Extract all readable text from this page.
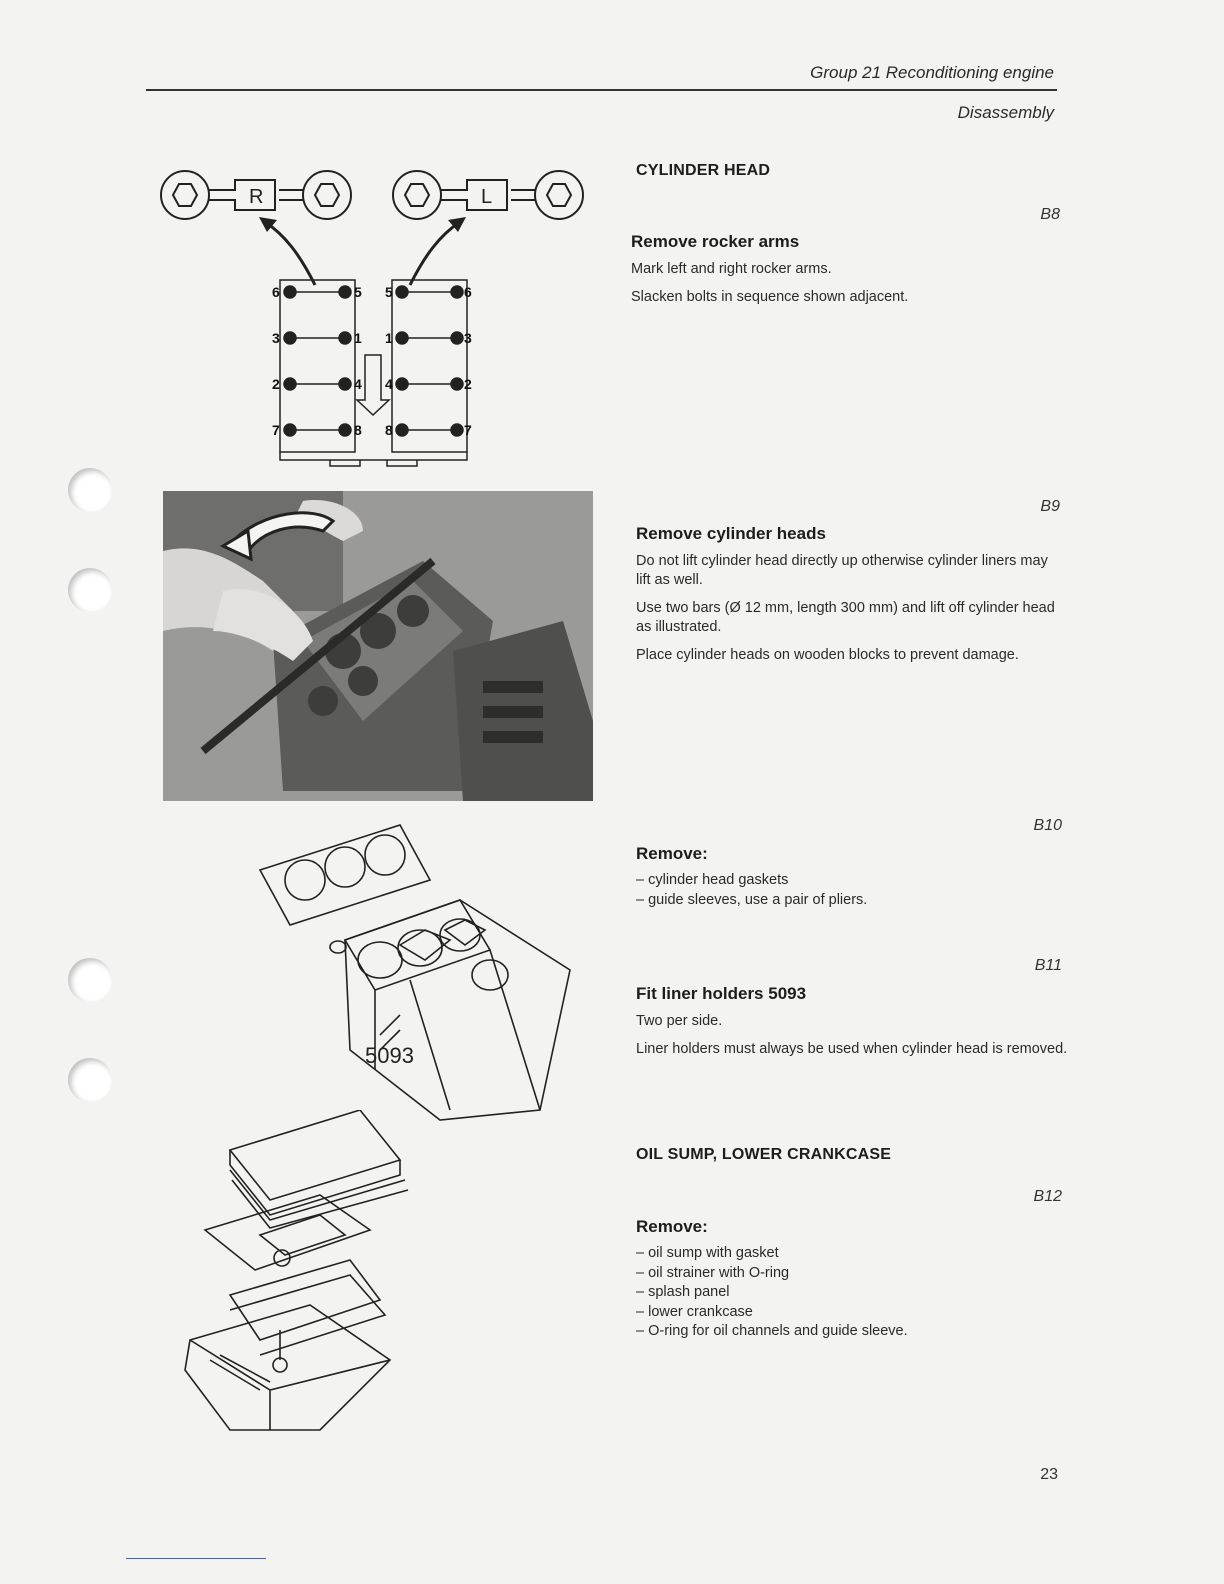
Group 21 Reconditioning engine
Disassembly
R	L
6	5
3	1
2	4
7	8
5	6
1	3
4	2
8	7
5093
CYLINDER HEAD
B8
Remove rocker arms

Mark left and right rocker arms.

Slacken bolts in sequence shown adjacent.

B9
Remove cylinder heads

Do not lift cylinder head directly up otherwise cylinder liners may lift as well.

Use two bars (Ø 12 mm, length 300 mm) and lift off cylinder head as illustrated.

Place cylinder heads on wooden blocks to prevent damage.

B10
Remove:
– cylinder head gaskets
– guide sleeves, use a pair of pliers.
B11
Fit liner holders 5093

Two per side.

Liner holders must always be used when cylinder head is removed.

OIL SUMP, LOWER CRANKCASE
B12
Remove:
– oil sump with gasket
– oil strainer with O-ring
– splash panel
– lower crankcase
– O-ring for oil channels and guide sleeve.
23
